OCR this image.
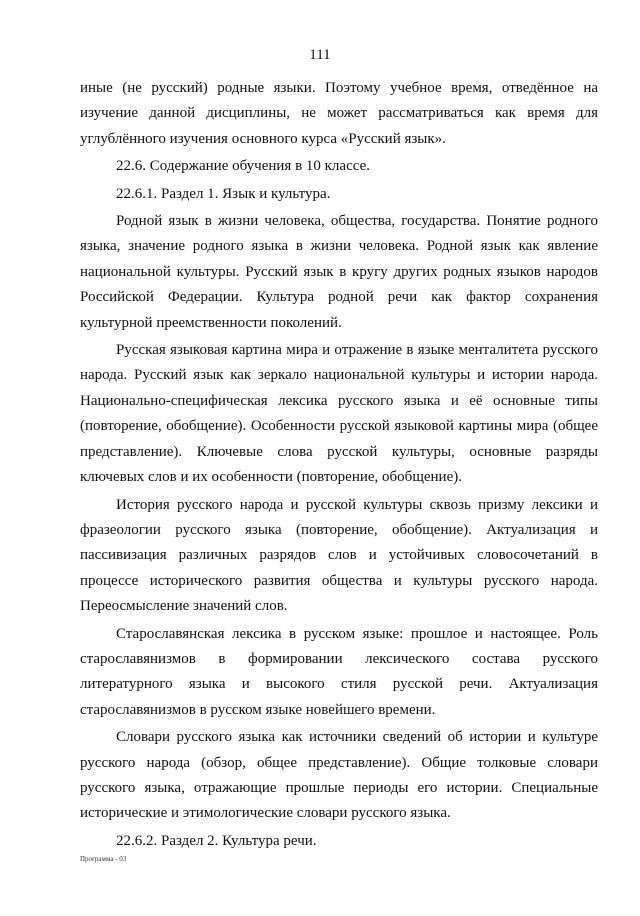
111

иные (не русский) родные языки. Поэтому учебное время, отведённое на изучение данной дисциплины, не может рассматриваться как время для углублённого изучения основного курса «Русский язык».

22.6. Содержание обучения в 10 классе.

22.6.1. Раздел 1. Язык и культура.

Родной язык в жизни человека, общества, государства. Понятие родного языка, значение родного языка в жизни человека. Родной язык как явление национальной культуры. Русский язык в кругу других родных языков народов Российской Федерации. Культура родной речи как фактор сохранения культурной преемственности поколений.

Русская языковая картина мира и отражение в языке менталитета русского народа. Русский язык как зеркало национальной культуры и истории народа. Национально-специфическая лексика русского языка и её основные типы (повторение, обобщение). Особенности русской языковой картины мира (общее представление). Ключевые слова русской культуры, основные разряды ключевых слов и их особенности (повторение, обобщение).

История русского народа и русской культуры сквозь призму лексики и фразеологии русского языка (повторение, обобщение). Актуализация и пассивизация различных разрядов слов и устойчивых словосочетаний в процессе исторического развития общества и культуры русского народа. Переосмысление значений слов.

Старославянская лексика в русском языке: прошлое и настоящее. Роль старославянизмов в формировании лексического состава русского литературного языка и высокого стиля русской речи. Актуализация старославянизмов в русском языке новейшего времени.

Словари русского языка как источники сведений об истории и культуре русского народа (обзор, общее представление). Общие толковые словари русского языка, отражающие прошлые периоды его истории. Специальные исторические и этимологические словари русского языка.

22.6.2. Раздел 2. Культура речи.

Программа - 03
